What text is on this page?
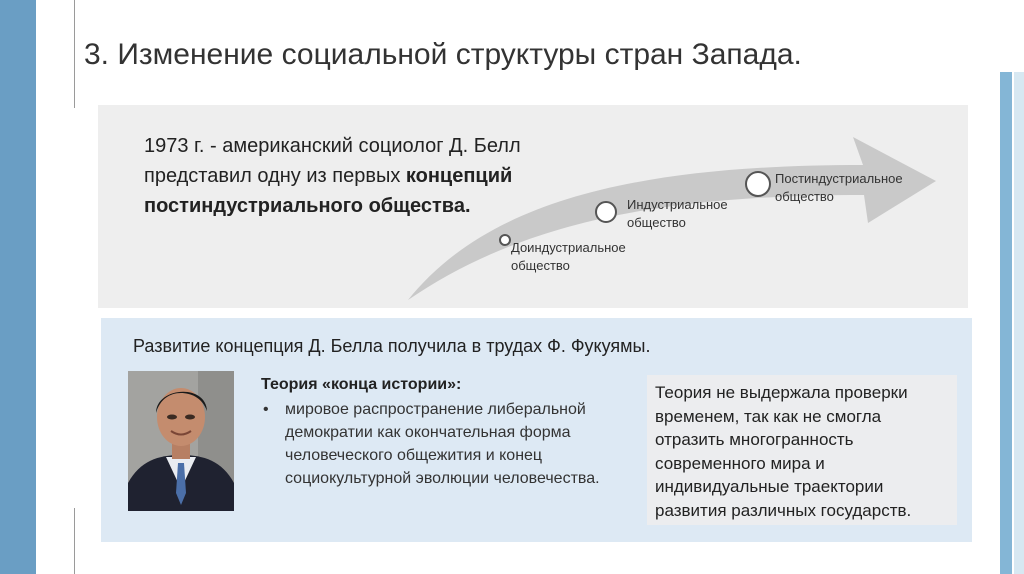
3. Изменение социальной структуры стран Запада.

1973 г. - американский социолог Д. Белл представил одну из первых концепций постиндустриального общества.

Доиндустриальное
общество
Индустриальное
общество
Постиндустриальное
общество

Развитие концепция Д. Белла получила в трудах Ф. Фукуямы.

Теория «конца истории»:

• мировое распространение либеральной демократии как окончательная форма человеческого общежития и конец социокультурной эволюции человечества.

Теория не выдержала проверки временем, так как не смогла отразить многогранность современного мира и индивидуальные траектории развития различных государств.
